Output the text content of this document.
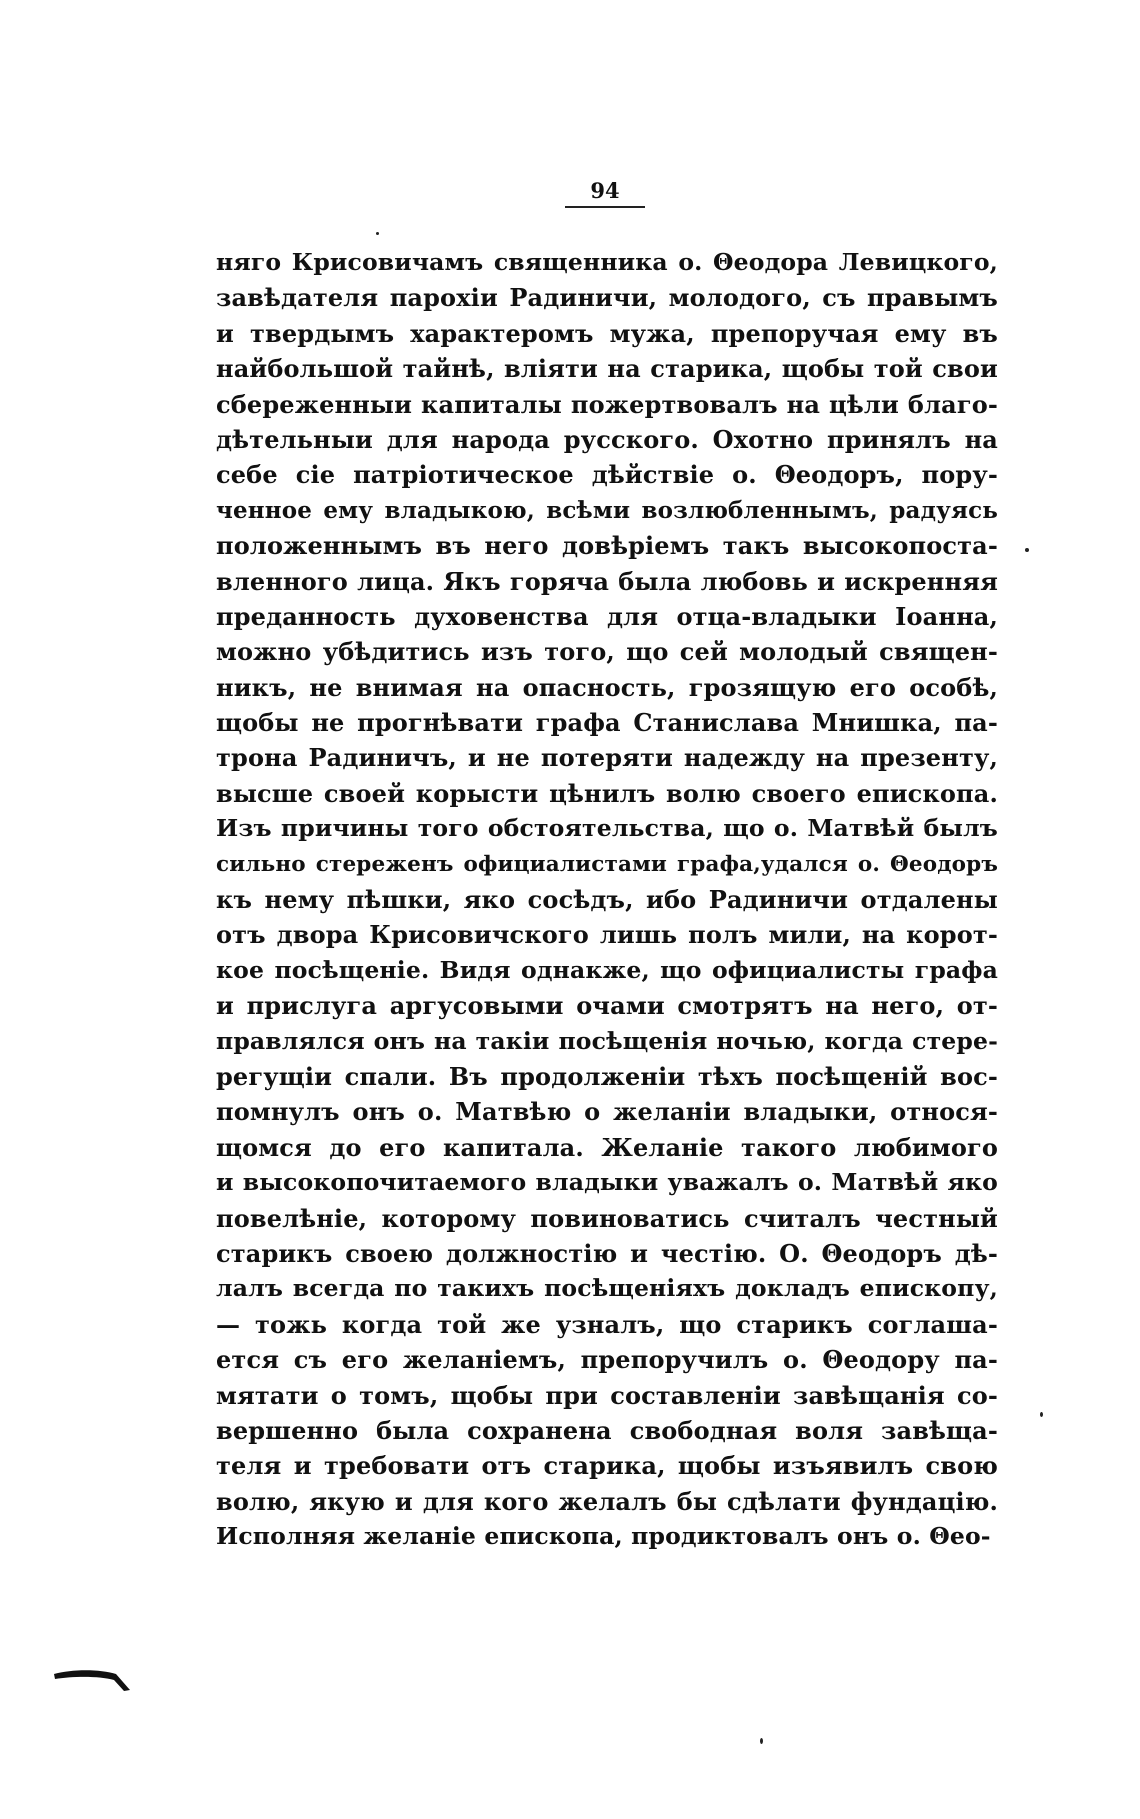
94
няго Крисовичамъ священника о. Θеодора Левицкого,
завѣдателя парохіи Радиничи, молодого, съ правымъ
и твердымъ характеромъ мужа, препоручая ему въ
найбольшой тайнѣ, вліяти на старика, щобы той свои
сбереженныи капиталы пожертвовалъ на цѣли благо-
дѣтельныи для народа русского. Охотно принялъ на
себе сіе патріотическое дѣйствіе о. Θеодоръ, пору-
ченное ему владыкою, всѣми возлюбленнымъ, радуясь
положеннымъ въ него довѣріемъ такъ высокопоста-
вленного лица. Якъ горяча была любовь и искренняя
преданность духовенства для отца-владыки Іоанна,
можно убѣдитись изъ того, що сей молодый священ-
никъ, не внимая на опасность, грозящую его особѣ,
щобы не прогнѣвати графа Станислава Мнишка, па-
трона Радиничъ, и не потеряти надежду на презенту,
высше своей корысти цѣнилъ волю своего епископа.
Изъ причины того обстоятельства, що о. Матвѣй былъ
сильно стереженъ официалистами графа,удался о. Θеодоръ
къ нему пѣшки, яко сосѣдъ, ибо Радиничи отдалены
отъ двора Крисовичского лишь полъ мили, на корот-
кое посѣщеніе. Видя однакже, що официалисты графа
и прислуга аргусовыми очами смотрятъ на него, от-
правлялся онъ на такіи посѣщенія ночью, когда стере-
регущіи спали. Въ продолженіи тѣхъ посѣщеній вос-
помнулъ онъ о. Матвѣю о желаніи владыки, относя-
щомся до его капитала. Желаніе такого любимого
и высокопочитаемого владыки уважалъ о. Матвѣй яко
повелѣніе, которому повиноватись считалъ честный
старикъ своею должностію и честію. О. Θеодоръ дѣ-
лалъ всегда по такихъ посѣщеніяхъ докладъ епископу,
— тожь когда той же узналъ, що старикъ соглаша-
ется съ его желаніемъ, препоручилъ о. Θеодору па-
мятати о томъ, щобы при составленіи завѣщанія со-
вершенно была сохранена свободная воля завѣща-
теля и требовати отъ старика, щобы изъявилъ свою
волю, якую и для кого желалъ бы сдѣлати фундацію.
Исполняя желаніе епископа, продиктовалъ онъ о. Θео-
